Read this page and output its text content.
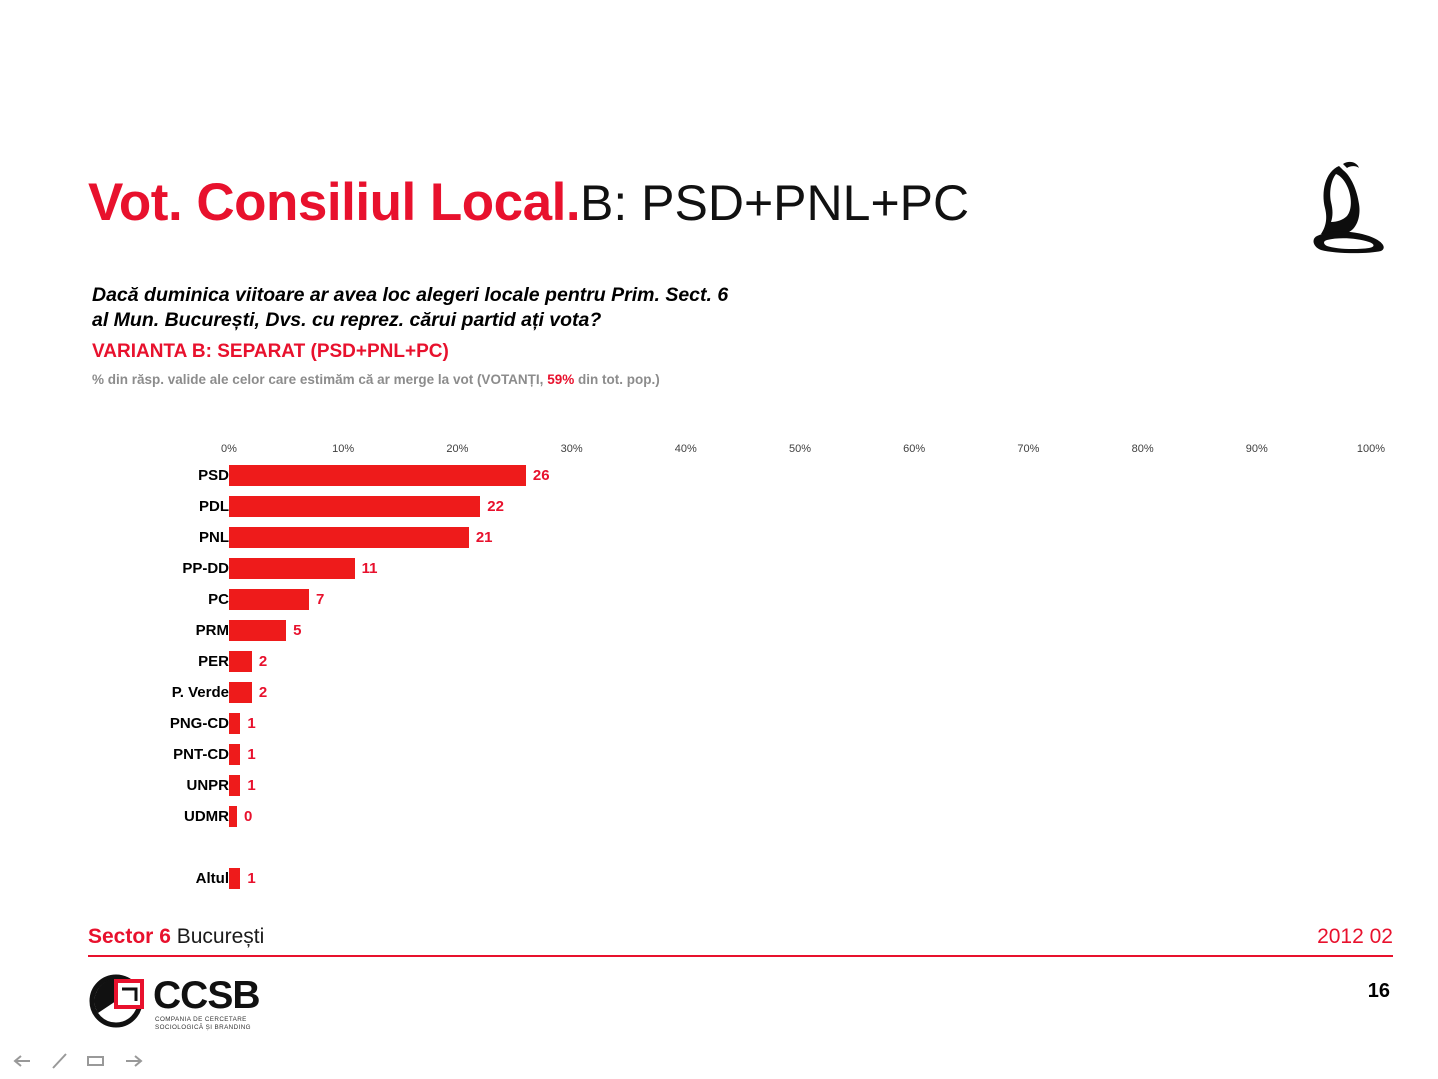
Vot. Consiliul Local.B: PSD+PNL+PC
Dacă duminica viitoare ar avea loc alegeri locale pentru Prim. Sect. 6
al Mun. București, Dvs. cu reprez. cărui partid ați vota?
VARIANTA B: SEPARAT (PSD+PNL+PC)
% din răsp. valide ale celor care estimăm că ar merge la vot (VOTANȚI, 59% din tot. pop.)
0%	10%	20%	30%	40%	50%	60%	70%	80%	90%	100%
PSD	26
PDL	22
PNL	21
PP-DD	11
PC	7
PRM	5
PER 2
P. Verde 2
PNG-CD 1
PNT-CD 1
UNPR 1
UDMR 0
Altul 1
Sector 6 București	2012 02
16
CCSB
COMPANIA DE CERCETARE
SOCIOLOGICĂ ȘI BRANDING
